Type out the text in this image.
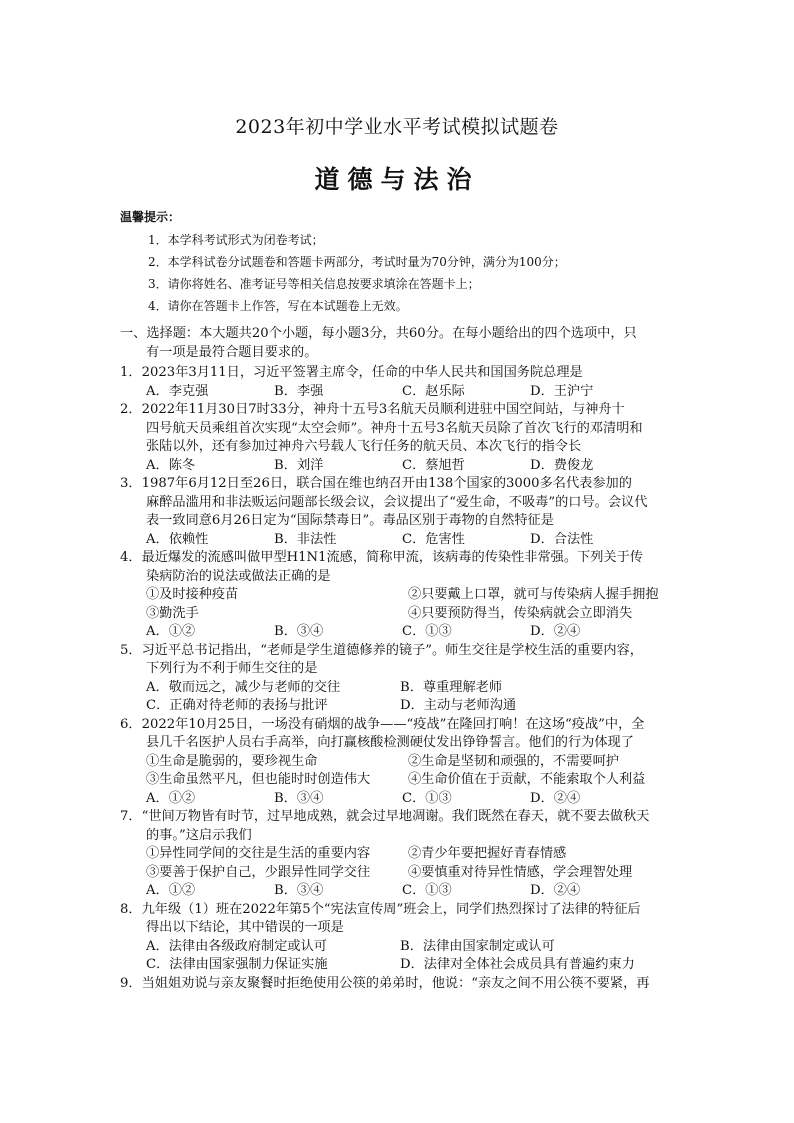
2023年初中学业水平考试模拟试题卷
道德与法治
温馨提示：
1．本学科考试形式为闭卷考试；
2．本学科试卷分试题卷和答题卡两部分，考试时量为70分钟，满分为100分；
3．请你将姓名、准考证号等相关信息按要求填涂在答题卡上；
4．请你在答题卡上作答，写在本试题卷上无效。
一、选择题：本大题共20个小题，每小题3分，共60分。在每小题给出的四个选项中，只
有一项是最符合题目要求的。
1．2023年3月11日，习近平签署主席令，任命的中华人民共和国国务院总理是
A．李克强	B．李强	C．赵乐际	D．王沪宁
2．2022年11月30日7时33分，神舟十五号3名航天员顺利进驻中国空间站，与神舟十
四号航天员乘组首次实现“太空会师”。神舟十五号3名航天员除了首次飞行的邓清明和
张陆以外，还有参加过神舟六号载人飞行任务的航天员、本次飞行的指令长
A．陈冬	B．刘洋	C．蔡旭哲	D．费俊龙
3．1987年6月12日至26日，联合国在维也纳召开由138个国家的3000多名代表参加的
麻醉品滥用和非法贩运问题部长级会议，会议提出了“爱生命，不吸毒”的口号。会议代
表一致同意6月26日定为“国际禁毒日”。毒品区别于毒物的自然特征是
A．依赖性	B．非法性	C．危害性	D．合法性
4．最近爆发的流感叫做甲型H1N1流感，简称甲流，该病毒的传染性非常强。下列关于传
染病防治的说法或做法正确的是
①及时接种疫苗	②只要戴上口罩，就可与传染病人握手拥抱
③勤洗手	④只要预防得当，传染病就会立即消失
A．①②	B．③④	C．①③	D．②④
5．习近平总书记指出，“老师是学生道德修养的镜子”。师生交往是学校生活的重要内容，
下列行为不利于师生交往的是
A．敬而远之，减少与老师的交往	B．尊重理解老师
C．正确对待老师的表扬与批评	D．主动与老师沟通
6．2022年10月25日，一场没有硝烟的战争——“疫战”在隆回打响！在这场“疫战”中，全
县几千名医护人员右手高举，向打赢核酸检测硬仗发出铮铮誓言。他们的行为体现了
①生命是脆弱的，要珍视生命	②生命是坚韧和顽强的，不需要呵护
③生命虽然平凡，但也能时时创造伟大	④生命价值在于贡献，不能索取个人利益
A．①②	B．③④	C．①③	D．②④
7．“世间万物皆有时节，过早地成熟，就会过早地凋谢。我们既然在春天，就不要去做秋天
的事。”这启示我们
①异性同学间的交往是生活的重要内容	②青少年要把握好青春情感
③要善于保护自己，少跟异性同学交往	④要慎重对待异性情感，学会理智处理
A．①②	B．③④	C．①③	D．②④
8．九年级（1）班在2022年第5个“宪法宣传周”班会上，同学们热烈探讨了法律的特征后
得出以下结论，其中错误的一项是
A．法律由各级政府制定或认可	B．法律由国家制定或认可
C．法律由国家强制力保证实施	D．法律对全体社会成员具有普遍约束力
9．当姐姐劝说与亲友聚餐时拒绝使用公筷的弟弟时，他说：“亲友之间不用公筷不要紧，再
